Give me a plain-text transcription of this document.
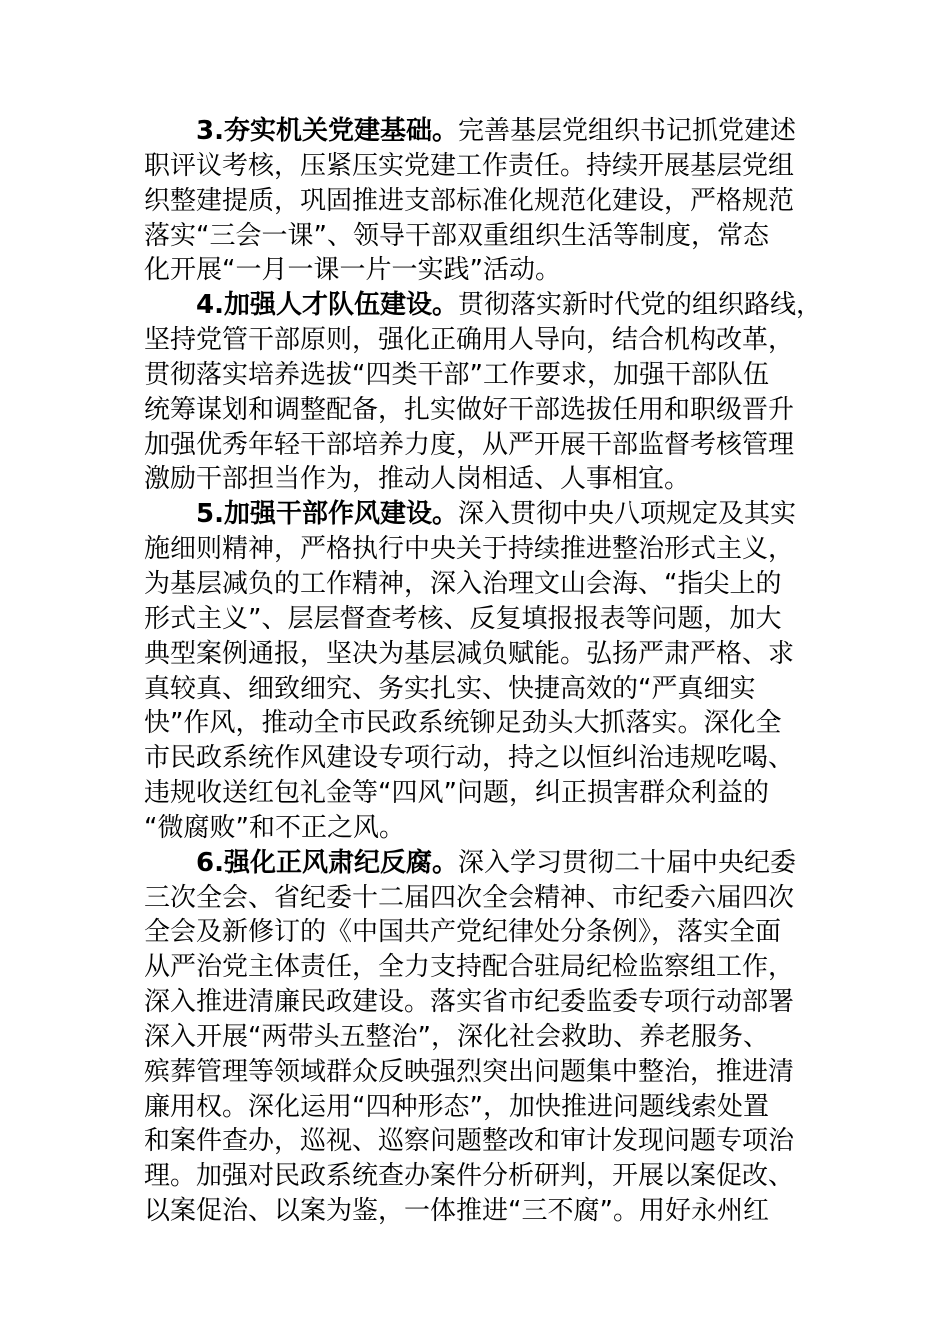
3.夯实机关党建基础。完善基层党组织书记抓党建述
职评议考核，压紧压实党建工作责任。持续开展基层党组
织整建提质，巩固推进支部标准化规范化建设，严格规范
落实“三会一课”、领导干部双重组织生活等制度，常态
化开展“一月一课一片一实践”活动。
4.加强人才队伍建设。贯彻落实新时代党的组织路线，
坚持党管干部原则，强化正确用人导向，结合机构改革，
贯彻落实培养选拔“四类干部”工作要求，加强干部队伍
统筹谋划和调整配备，扎实做好干部选拔任用和职级晋升
加强优秀年轻干部培养力度，从严开展干部监督考核管理
激励干部担当作为，推动人岗相适、人事相宜。
5.加强干部作风建设。深入贯彻中央八项规定及其实
施细则精神，严格执行中央关于持续推进整治形式主义，
为基层减负的工作精神，深入治理文山会海、“指尖上的
形式主义”、层层督查考核、反复填报报表等问题，加大
典型案例通报，坚决为基层减负赋能。弘扬严肃严格、求
真较真、细致细究、务实扎实、快捷高效的“严真细实
快”作风，推动全市民政系统铆足劲头大抓落实。深化全
市民政系统作风建设专项行动，持之以恒纠治违规吃喝、
违规收送红包礼金等“四风”问题，纠正损害群众利益的
“微腐败”和不正之风。
6.强化正风肃纪反腐。深入学习贯彻二十届中央纪委
三次全会、省纪委十二届四次全会精神、市纪委六届四次
全会及新修订的《中国共产党纪律处分条例》，落实全面
从严治党主体责任，全力支持配合驻局纪检监察组工作，
深入推进清廉民政建设。落实省市纪委监委专项行动部署
深入开展“两带头五整治”，深化社会救助、养老服务、
殡葬管理等领域群众反映强烈突出问题集中整治，推进清
廉用权。深化运用“四种形态”，加快推进问题线索处置
和案件查办，巡视、巡察问题整改和审计发现问题专项治
理。加强对民政系统查办案件分析研判，开展以案促改、
以案促治、以案为鉴，一体推进“三不腐”。用好永州红
